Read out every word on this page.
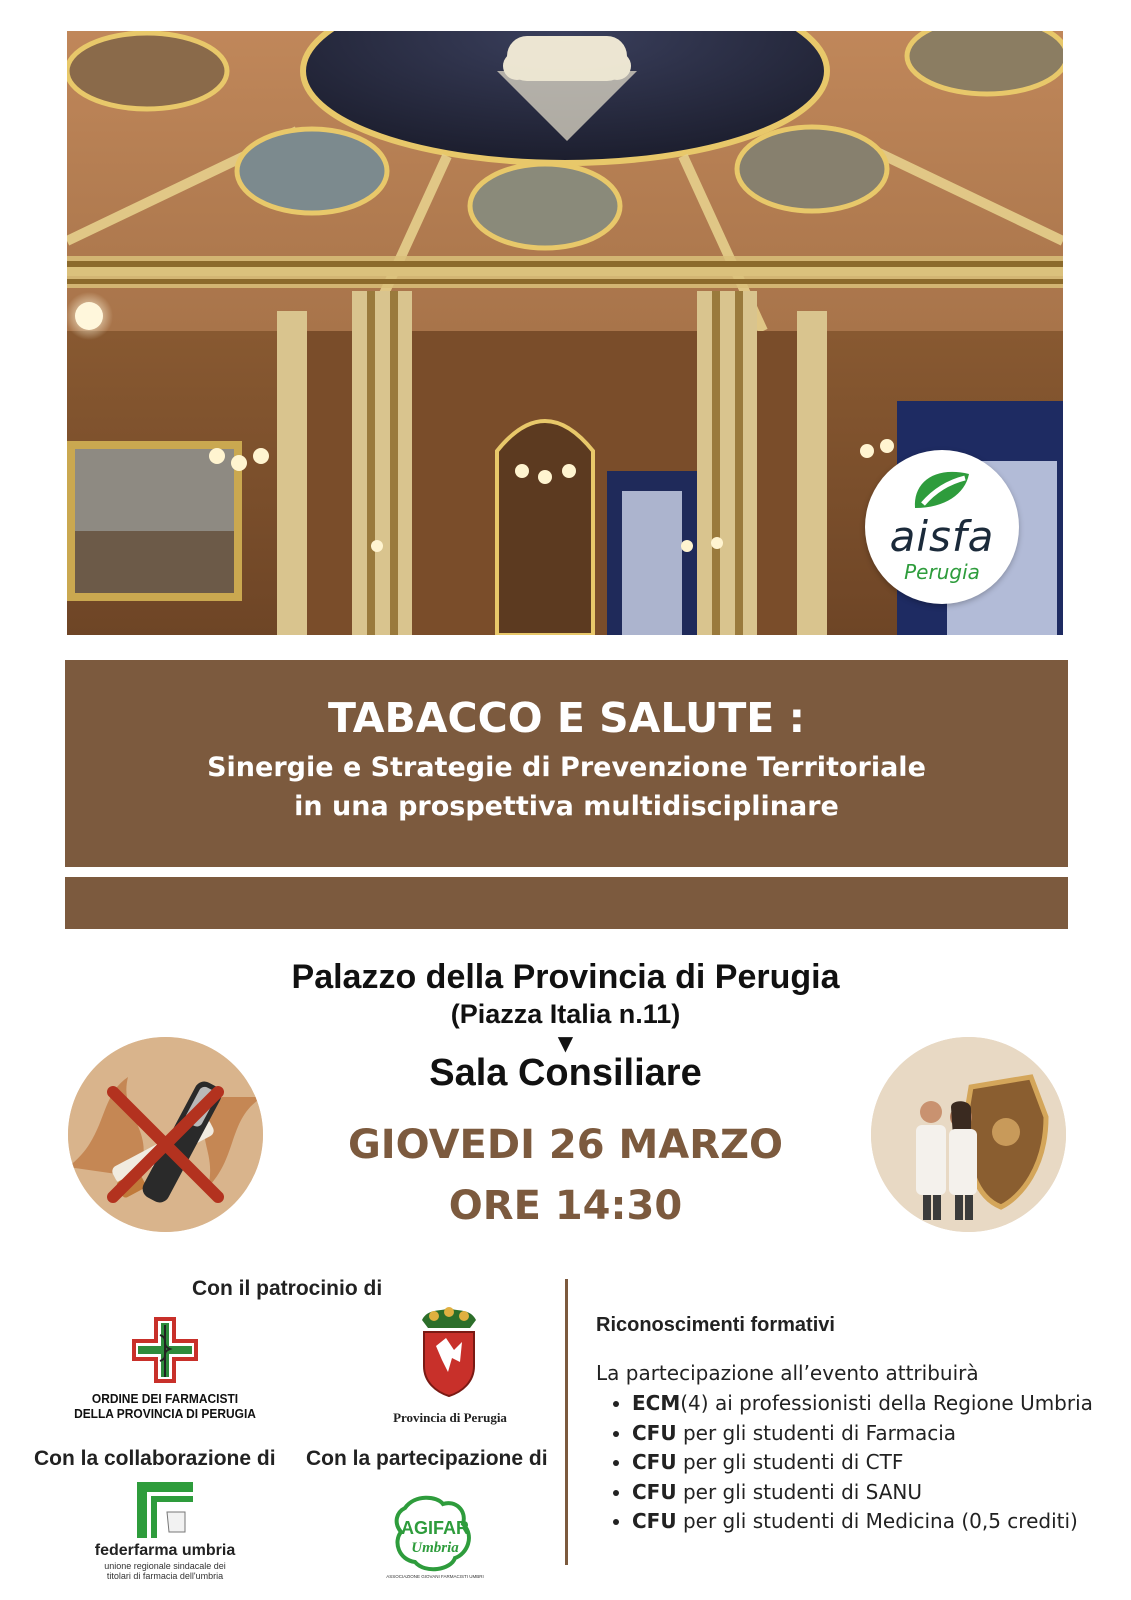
aisfa
Perugia
TABACCO E SALUTE :
Sinergie e Strategie di Prevenzione Territoriale
in una prospettiva multidisciplinare
Palazzo della Provincia di Perugia
(Piazza Italia n.11)
▼
Sala Consiliare
GIOVEDI 26 MARZO
ORE 14:30
Con il patrocinio di
ORDINE DEI FARMACISTI
DELLA PROVINCIA DI PERUGIA	Provincia di Perugia
Con la collaborazione di Con la partecipazione di
federfarma umbria
unione regionale sindacale dei
titolari di farmacia dell'umbria
AGIFAR
Umbria
ASSOCIAZIONE GIOVANI FARMACISTI UMBRI
Riconoscimenti formativi
La partecipazione all’evento attribuirà
• ECM(4) ai professionisti della Regione Umbria
• CFU per gli studenti di Farmacia
• CFU per gli studenti di CTF
• CFU per gli studenti di SANU
• CFU per gli studenti di Medicina (0,5 crediti)
